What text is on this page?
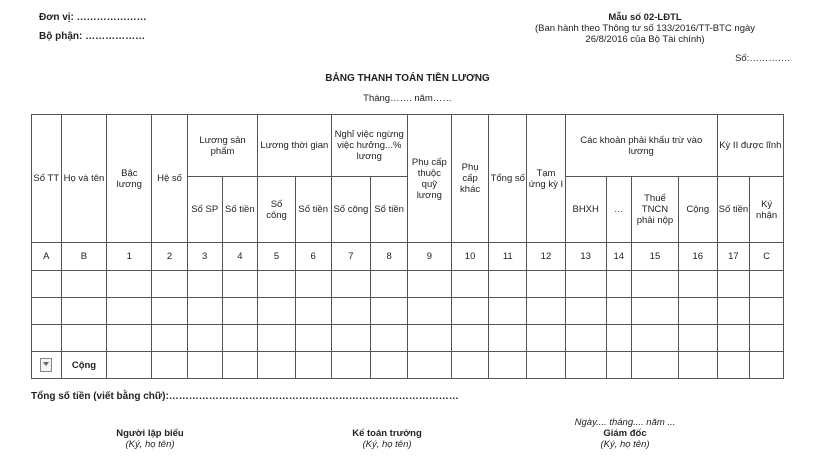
Đơn vị: …………………
Bộ phận: ………………
Mẫu số 02-LĐTL
(Ban hành theo Thông tư số 133/2016/TT-BTC ngày
26/8/2016 của Bộ Tài chính)
Số:………….
BẢNG THANH TOÁN TIỀN LƯƠNG
Tháng……. năm……
Số TT	Họ và tên	Bậc lương	Hệ số	Lương sản phẩm		Lương thời gian		Nghỉ việc ngừng việc hưởng...% lương		Phụ cấp thuộc quỹ lương	Phụ cấp khác	Tổng số	Tạm ứng kỳ I	Các khoản phải khấu trừ vào lương				Kỳ II được lĩnh	
				Số SP	Số tiền	Số công	Số tiền	Số công	Số tiền					BHXH	…	Thuế TNCN phải nộp	Cộng	Số tiền	Ký nhận
A	B	1	2	3	4	5	6	7	8	9	10	11	12	13	14	15	16	17	C

	Cộng																		
Tổng số tiền (viết bằng chữ):……………………………………………………………………………
Ngày.... tháng.... năm ...
Người lập biểu
(Ký, họ tên)
Kế toán trưởng
(Ký, họ tên)
Giám đốc
(Ký, họ tên)
